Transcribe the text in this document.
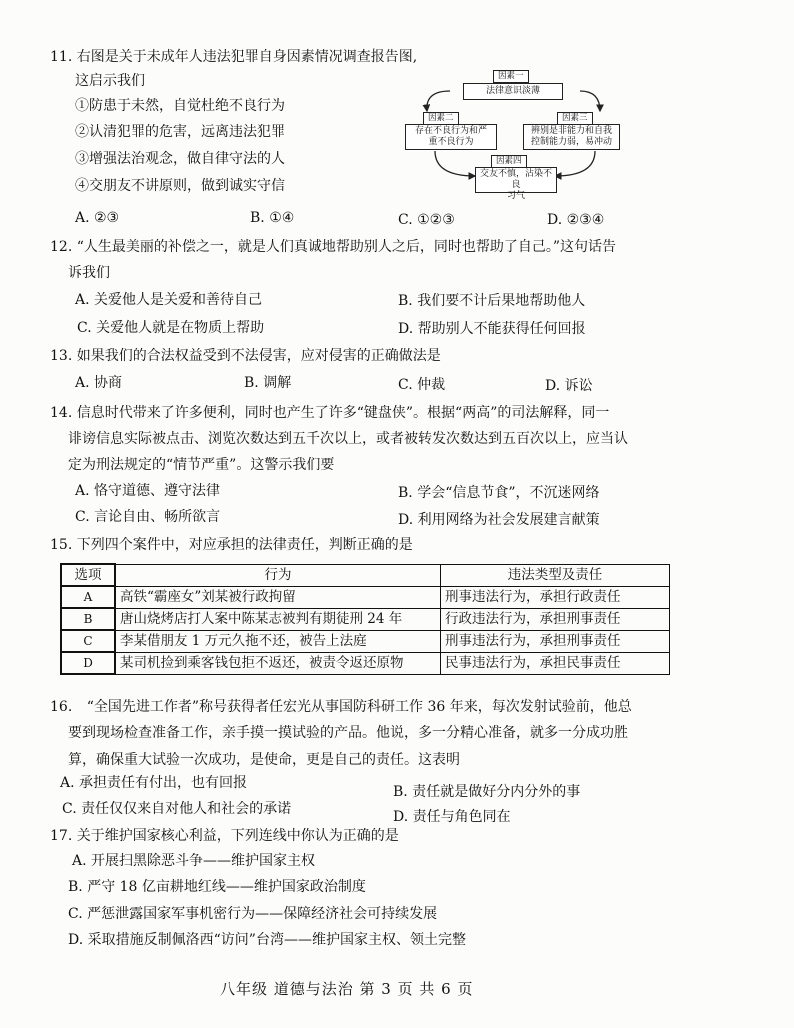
11. 右图是关于未成年人违法犯罪自身因素情况调查报告图,
这启示我们
①防患于未然，自觉杜绝不良行为
②认清犯罪的危害，远离违法犯罪
③增强法治观念，做自律守法的人
④交朋友不讲原则，做到诚实守信
A. ②③	B. ①④	C. ①②③	D. ②③④
因素一
法律意识淡薄
因素二
存在不良行为和严
重不良行为
因素三
辨别是非能力和自我
控制能力弱，易冲动
因素四
交友不慎，沾染不良
习气
12. “人生最美丽的补偿之一，就是人们真诚地帮助别人之后，同时也帮助了自己。”这句话告
诉我们
A. 关爱他人是关爱和善待自己	B. 我们要不计后果地帮助他人
C. 关爱他人就是在物质上帮助	D. 帮助别人不能获得任何回报
13. 如果我们的合法权益受到不法侵害，应对侵害的正确做法是
A. 协商	B. 调解	C. 仲裁	D. 诉讼
14. 信息时代带来了许多便利，同时也产生了许多“键盘侠”。根据“两高”的司法解释，同一
诽谤信息实际被点击、浏览次数达到五千次以上，或者被转发次数达到五百次以上，应当认
定为刑法规定的“情节严重”。这警示我们要
A. 恪守道德、遵守法律	B. 学会“信息节食”，不沉迷网络
C. 言论自由、畅所欲言	D. 利用网络为社会发展建言献策
15. 下列四个案件中，对应承担的法律责任，判断正确的是
选项	行为	违法类型及责任
A	高铁“霸座女”刘某被行政拘留	刑事违法行为，承担行政责任
B	唐山烧烤店打人案中陈某志被判有期徒刑 24 年	行政违法行为，承担刑事责任
C	李某借朋友 1 万元久拖不还，被告上法庭	刑事违法行为，承担刑事责任
D	某司机捡到乘客钱包拒不返还，被责令返还原物	民事违法行为，承担民事责任
16. “全国先进工作者”称号获得者任宏光从事国防科研工作 36 年来，每次发射试验前，他总
要到现场检查准备工作，亲手摸一摸试验的产品。他说，多一分精心准备，就多一分成功胜
算，确保重大试验一次成功，是使命，更是自己的责任。这表明
A. 承担责任有付出，也有回报
B. 责任就是做好分内分外的事
C. 责任仅仅来自对他人和社会的承诺	D. 责任与角色同在
17. 关于维护国家核心利益，下列连线中你认为正确的是
A. 开展扫黑除恶斗争——维护国家主权
B. 严守 18 亿亩耕地红线——维护国家政治制度
C. 严惩泄露国家军事机密行为——保障经济社会可持续发展
D. 采取措施反制佩洛西“访问”台湾——维护国家主权、领土完整
八年级 道德与法治 第 3 页 共 6 页
